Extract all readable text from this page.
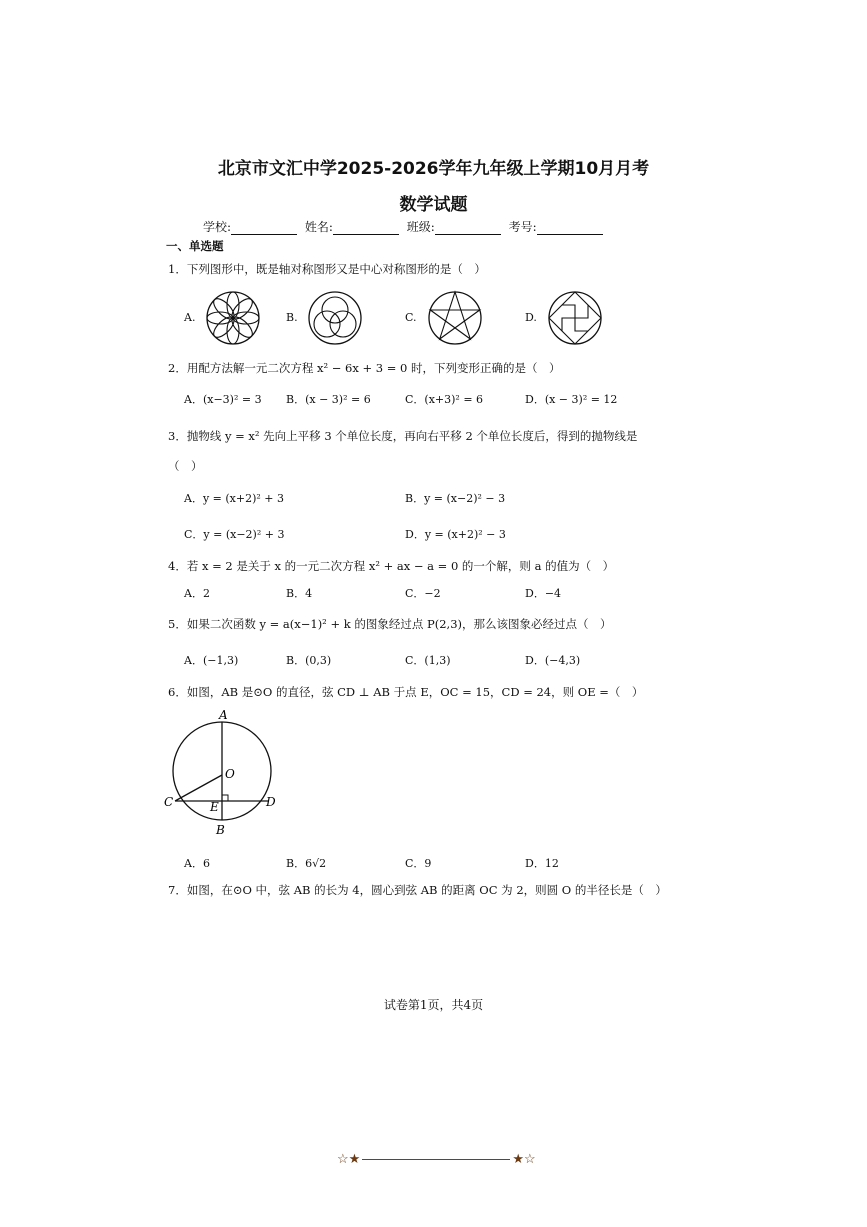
北京市文汇中学2025-2026学年九年级上学期10月月考
数学试题
学校:	姓名:	班级:	考号:
一、单选题
1．下列图形中，既是轴对称图形又是中心对称图形的是（　）
A.	B.	C.	D.
2．用配方法解一元二次方程 x² − 6x + 3 = 0 时，下列变形正确的是（　）
A．(x−3)² = 3 B．(x − 3)² = 6	C．(x+3)² = 6	D．(x − 3)² = 12
3．抛物线 y = x² 先向上平移 3 个单位长度，再向右平移 2 个单位长度后，得到的抛物线是
（　）
A．y = (x+2)² + 3	B．y = (x−2)² − 3
C．y = (x−2)² + 3	D．y = (x+2)² − 3
4．若 x = 2 是关于 x 的一元二次方程 x² + ax − a = 0 的一个解，则 a 的值为（　）
A．2	B．4	C．−2	D．−4
5．如果二次函数 y = a(x−1)² + k 的图象经过点 P(2,3)，那么该图象必经过点（　）
A．(−1,3)	B．(0,3)	C．(1,3)	D．(−4,3)
6．如图，AB 是⊙O 的直径，弦 CD ⊥ AB 于点 E，OC = 15，CD = 24，则 OE =（　）
A
B
C	D
E
O
A．6	B．6√2	C．9	D．12
7．如图，在⊙O 中，弦 AB 的长为 4，圆心到弦 AB 的距离 OC 为 2，则圆 O 的半径长是（　）
试卷第1页，共4页
☆★	★☆
